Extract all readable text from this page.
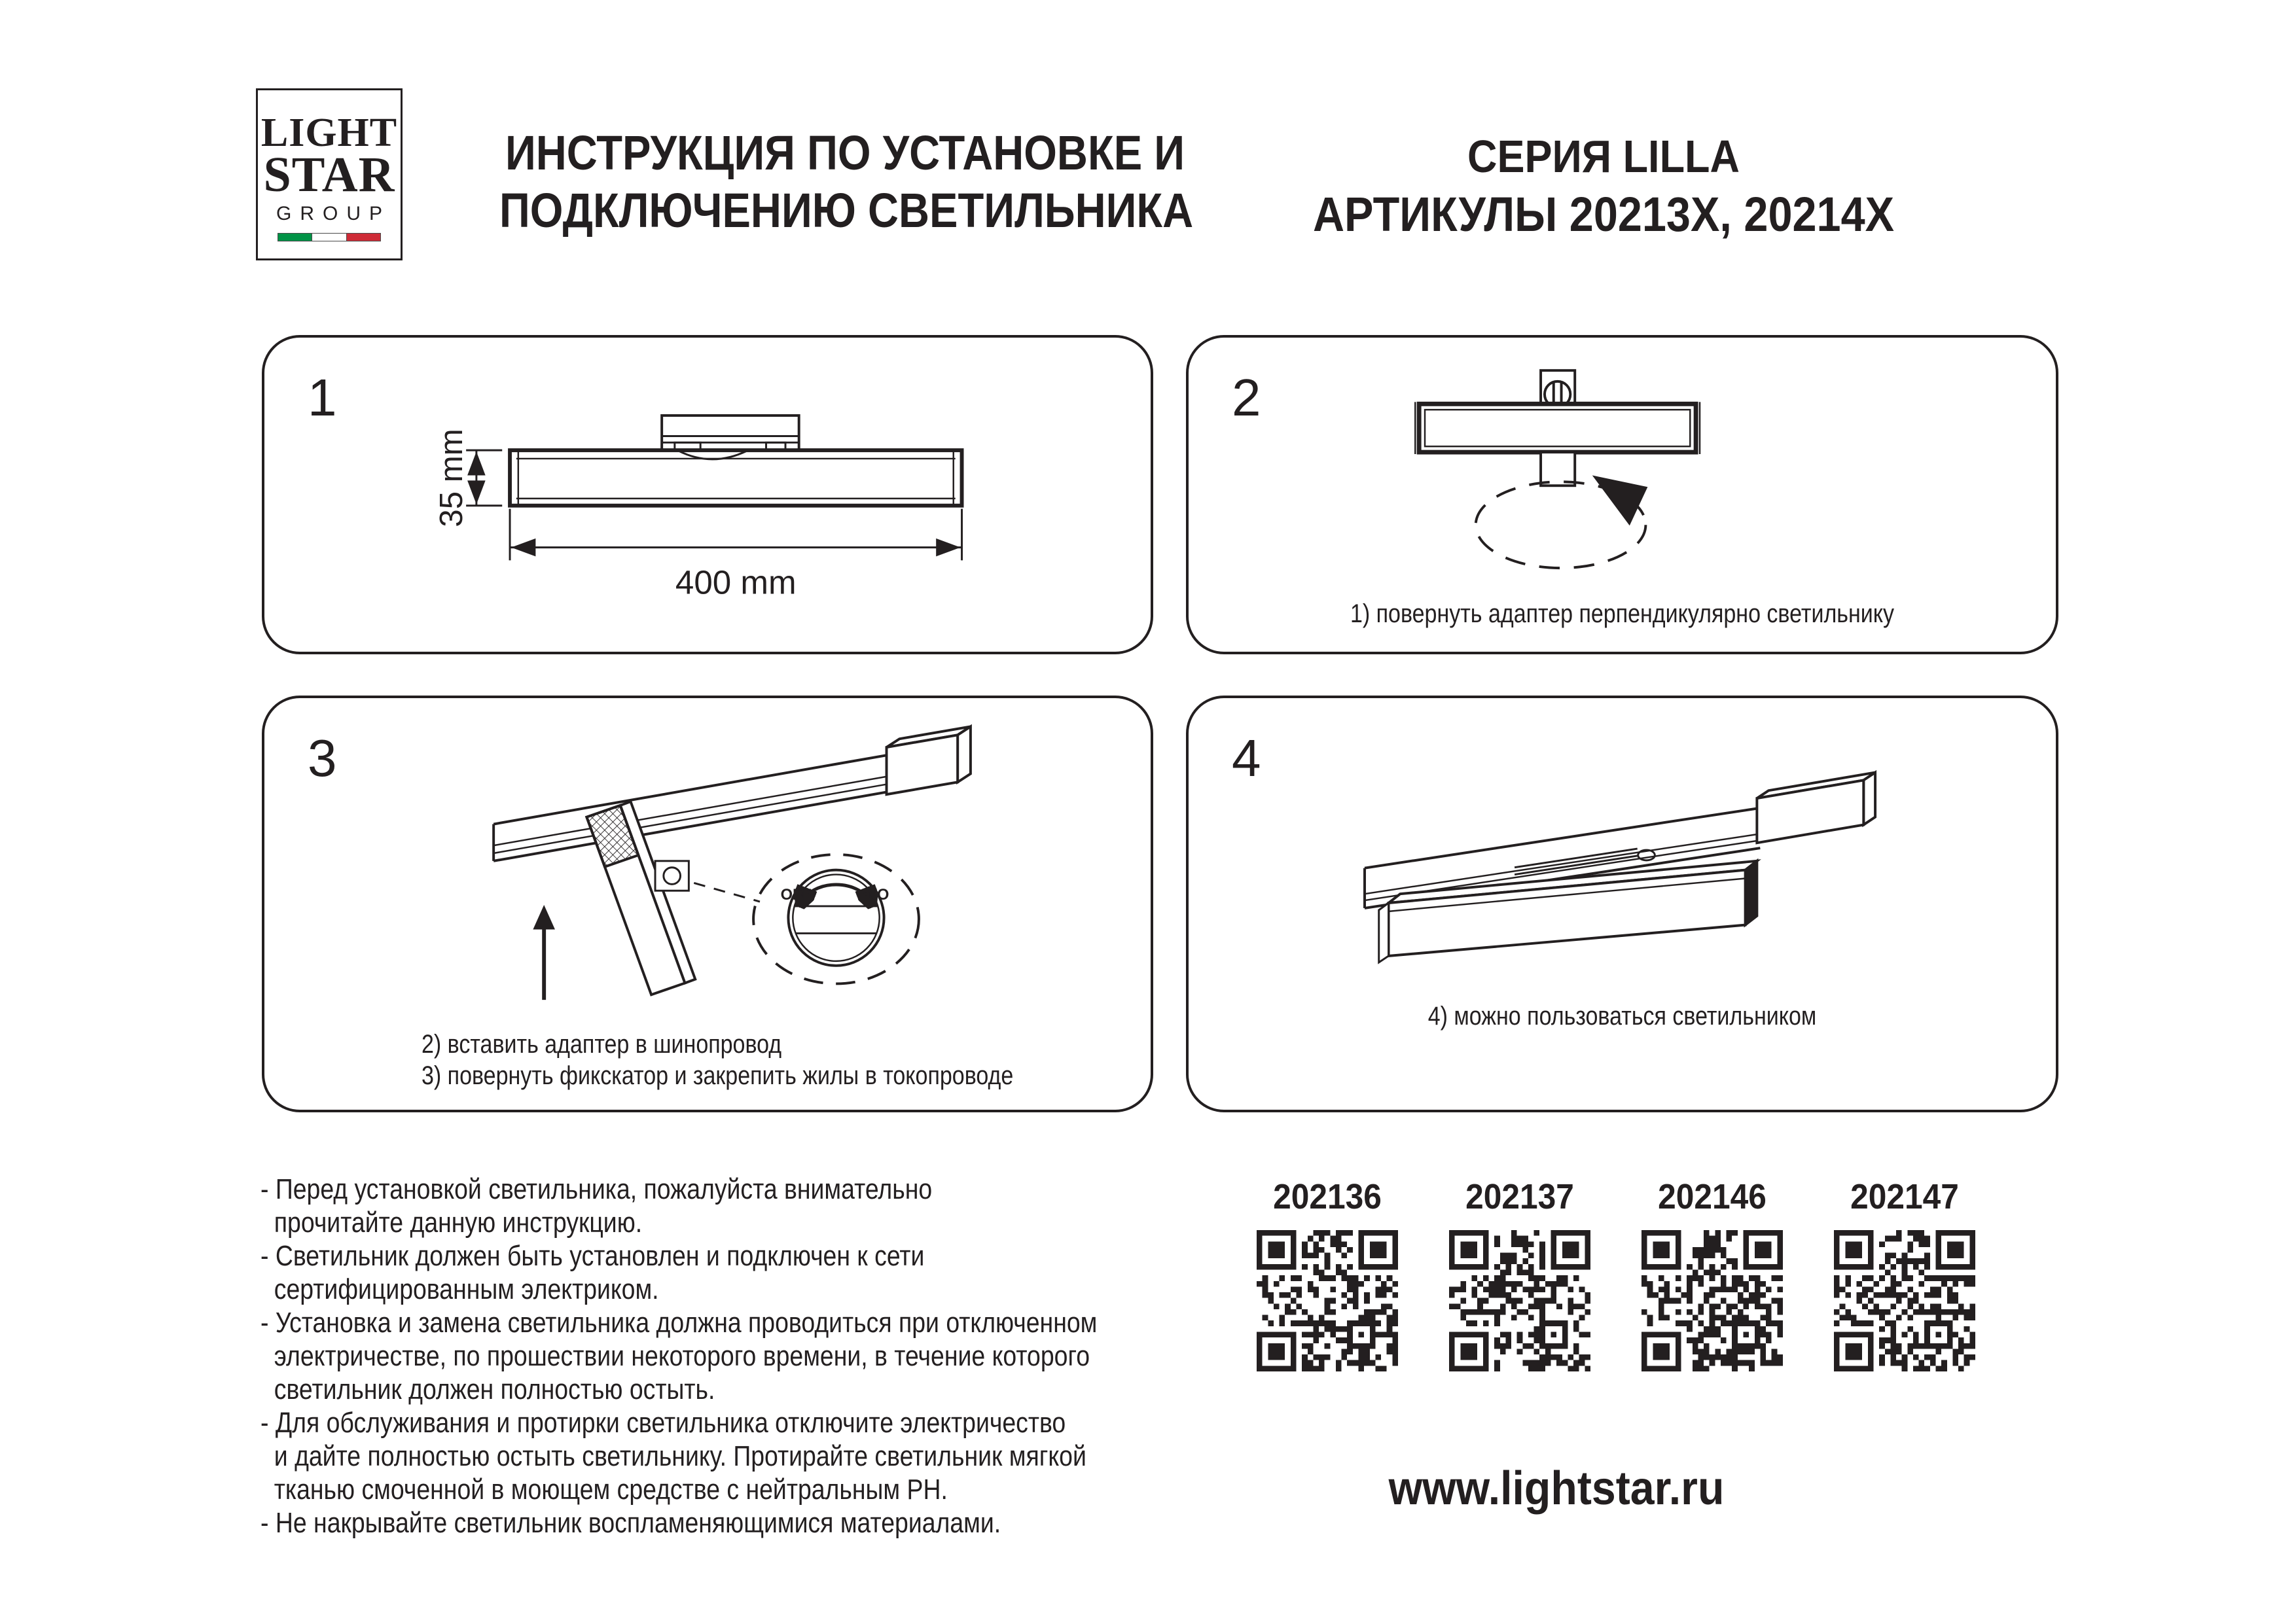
LIGHT
STAR
GROUP
ИНСТРУКЦИЯ ПО УСТАНОВКЕ И
ПОДКЛЮЧЕНИЮ СВЕТИЛЬНИКА
СЕРИЯ LILLA
АРТИКУЛЫ 20213X, 20214X
1
35 mm
400 mm
2
1) повернуть адаптер перпендикулярно светильнику
3
OFF	NO
2) вставить адаптер в шинопровод
3) повернуть фикскатор и закрепить жилы в токопроводе
4
4) можно пользоваться светильником
- Перед установкой светильника, пожалуйста внимательно
прочитайте данную инструкцию.
- Светильник должен быть установлен и подключен к сети
сертифицированным электриком.
- Установка и замена светильника должна проводиться при отключенном
электричестве, по прошествии некоторого времени, в течение которого
светильник должен полностью остыть.
- Для обслуживания и протирки светильника отключите электричество
и дайте полностью остыть светильнику. Протирайте светильник мягкой
тканью смоченной в моющем средстве с нейтральным PH.
- Не накрывайте светильник воспламеняющимися материалами.
202136	202137	202146	202147
www.lightstar.ru
